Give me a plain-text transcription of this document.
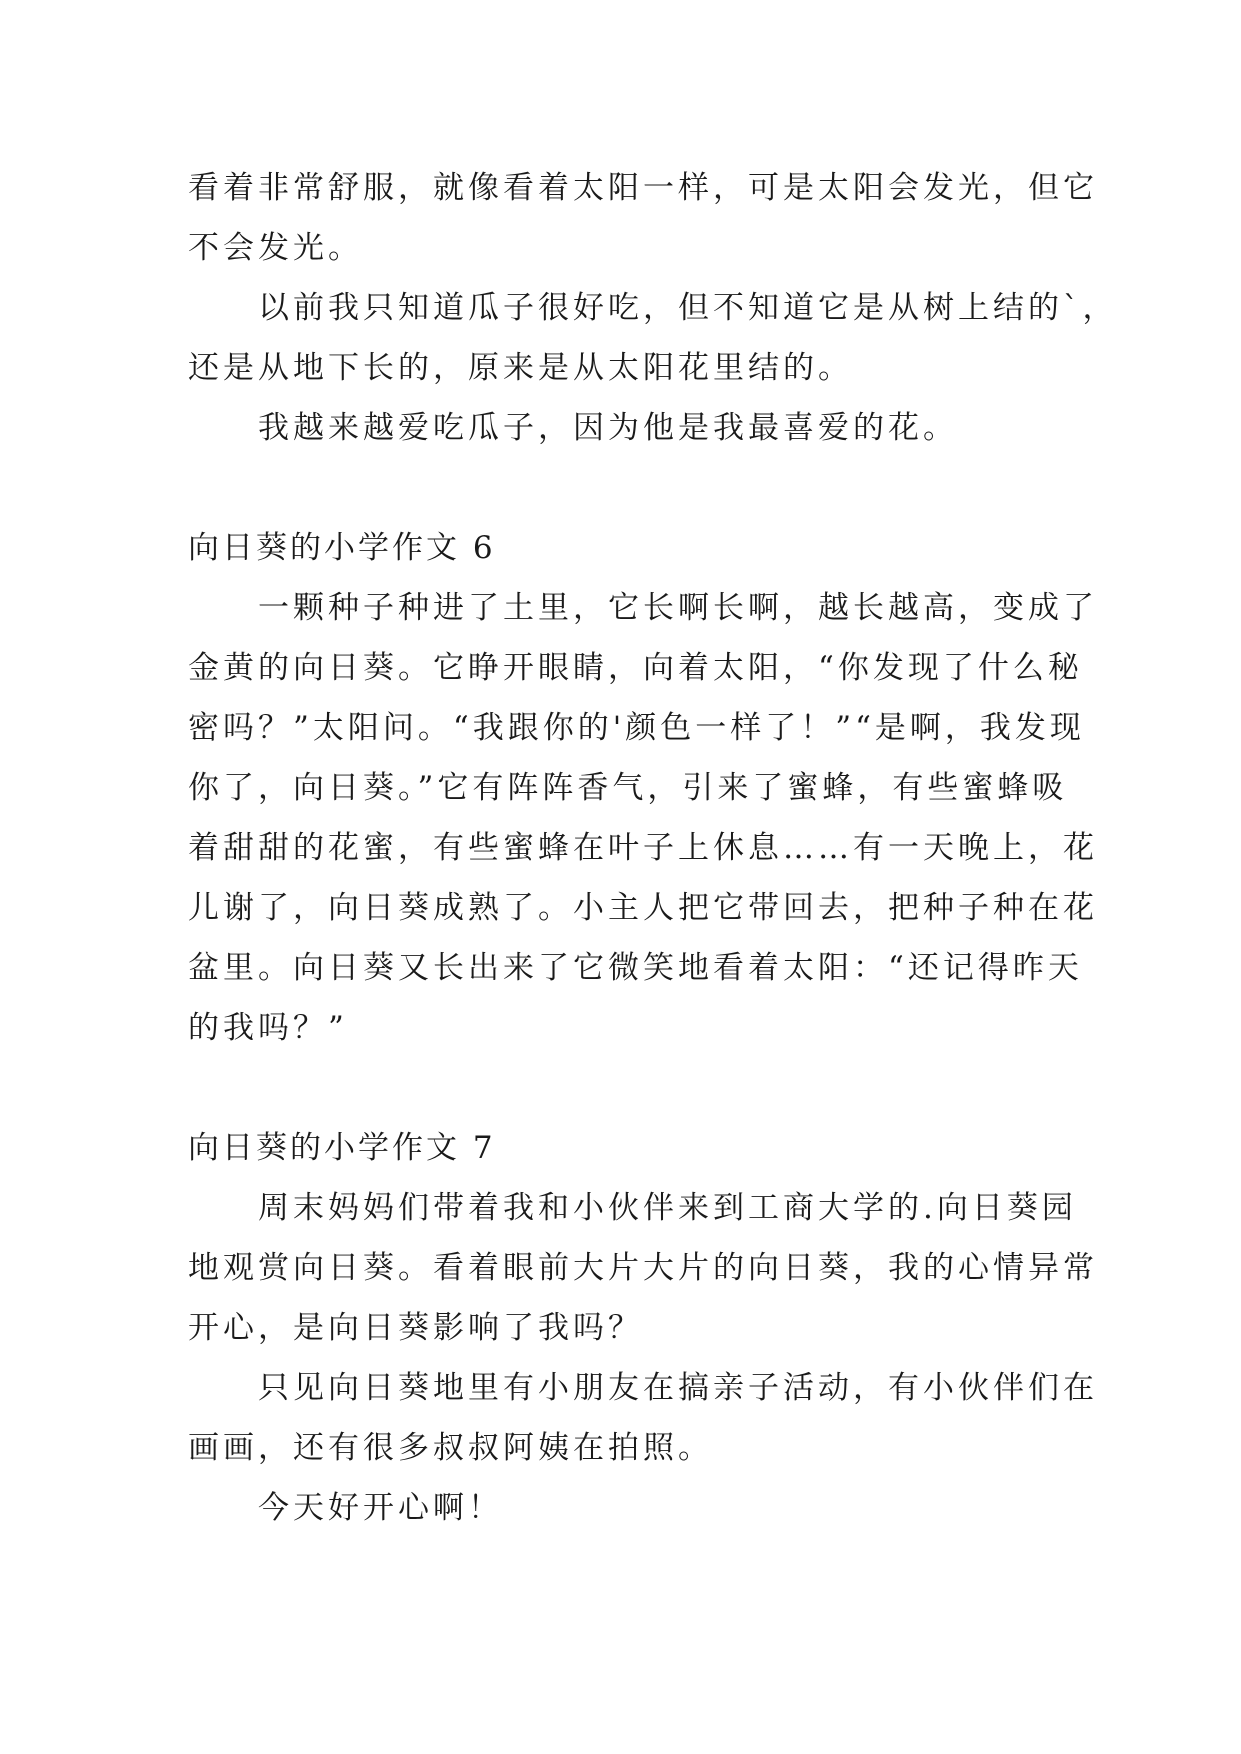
看着非常舒服，就像看着太阳一样，可是太阳会发光，但它
不会发光。
以前我只知道瓜子很好吃，但不知道它是从树上结的`，
还是从地下长的，原来是从太阳花里结的。
我越来越爱吃瓜子，因为他是我最喜爱的花。
向日葵的小学作文 6
一颗种子种进了土里，它长啊长啊，越长越高，变成了
金黄的向日葵。它睁开眼睛，向着太阳，“你发现了什么秘
密吗？”太阳问。“我跟你的'颜色一样了！”“是啊，我发现
你了，向日葵。”它有阵阵香气，引来了蜜蜂，有些蜜蜂吸
着甜甜的花蜜，有些蜜蜂在叶子上休息……有一天晚上，花
儿谢了，向日葵成熟了。小主人把它带回去，把种子种在花
盆里。向日葵又长出来了它微笑地看着太阳：“还记得昨天
的我吗？”
向日葵的小学作文 7
周末妈妈们带着我和小伙伴来到工商大学的.向日葵园
地观赏向日葵。看着眼前大片大片的向日葵，我的心情异常
开心，是向日葵影响了我吗？
只见向日葵地里有小朋友在搞亲子活动，有小伙伴们在
画画，还有很多叔叔阿姨在拍照。
今天好开心啊！
